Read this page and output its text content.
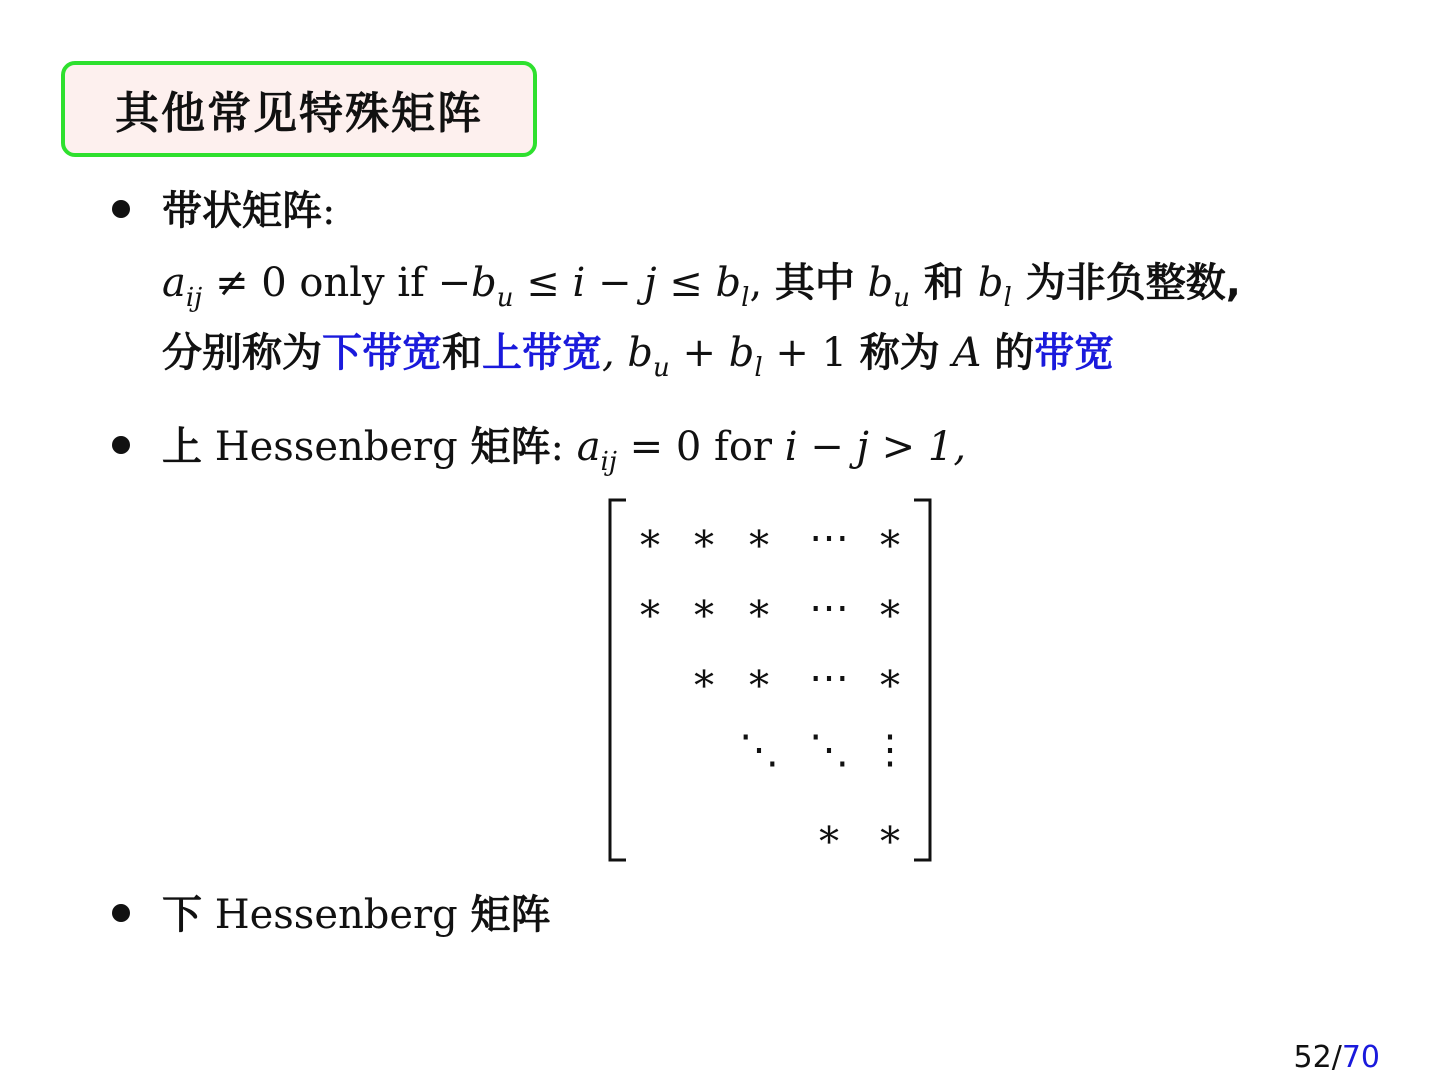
其他常见特殊矩阵
带状矩阵:
$a_{ij} \ne 0$ only if $-b_u \le i - j \le b_l$, 其中 $b_u$ 和 $b_l$ 为非负整数,
分别称为下带宽和上带宽, $b_u + b_l + 1$ 称为 A 的带宽
上 Hessenberg 矩阵: $a_{ij} = 0$ for i − j > 1,
∗ ∗ ∗ ⋯ ∗
∗ ∗ ∗ ⋯ ∗
∗ ∗ ⋯ ∗
⋱ ⋱ ⋮
∗ ∗
下 Hessenberg 矩阵
52/70
